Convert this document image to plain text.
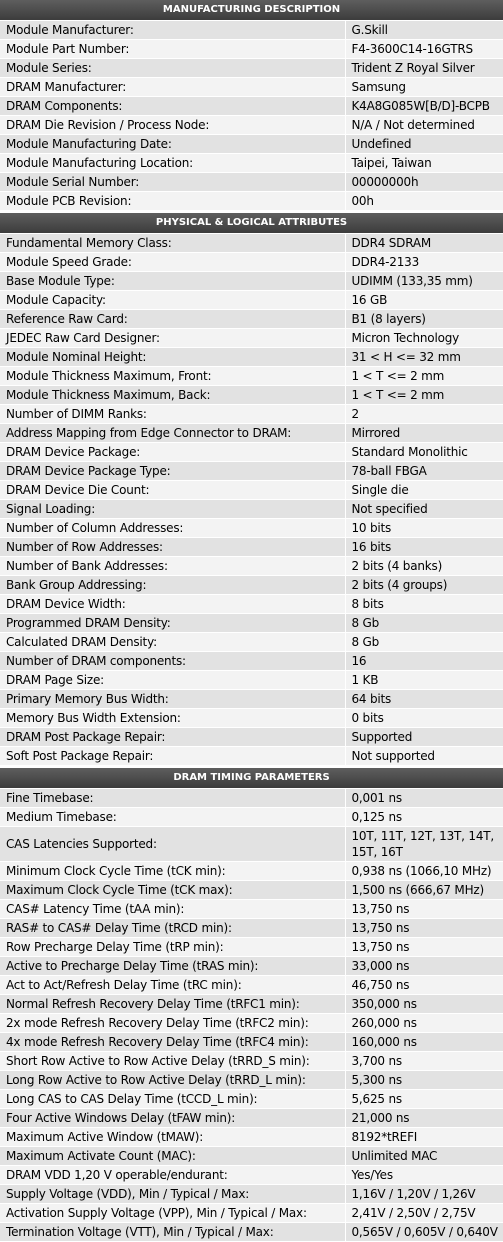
MANUFACTURING DESCRIPTION	
Module Manufacturer:	G.Skill
Module Part Number:	F4-3600C14-16GTRS
Module Series:	Trident Z Royal Silver
DRAM Manufacturer:	Samsung
DRAM Components:	K4A8G085W[B/D]-BCPB
DRAM Die Revision / Process Node:	N/A / Not determined
Module Manufacturing Date:	Undefined
Module Manufacturing Location:	Taipei, Taiwan
Module Serial Number:	00000000h
Module PCB Revision:	00h
PHYSICAL & LOGICAL ATTRIBUTES	
Fundamental Memory Class:	DDR4 SDRAM
Module Speed Grade:	DDR4-2133
Base Module Type:	UDIMM (133,35 mm)
Module Capacity:	16 GB
Reference Raw Card:	B1 (8 layers)
JEDEC Raw Card Designer:	Micron Technology
Module Nominal Height:	31 < H <= 32 mm
Module Thickness Maximum, Front:	1 < T <= 2 mm
Module Thickness Maximum, Back:	1 < T <= 2 mm
Number of DIMM Ranks:	2
Address Mapping from Edge Connector to DRAM:	Mirrored
DRAM Device Package:	Standard Monolithic
DRAM Device Package Type:	78-ball FBGA
DRAM Device Die Count:	Single die
Signal Loading:	Not specified
Number of Column Addresses:	10 bits
Number of Row Addresses:	16 bits
Number of Bank Addresses:	2 bits (4 banks)
Bank Group Addressing:	2 bits (4 groups)
DRAM Device Width:	8 bits
Programmed DRAM Density:	8 Gb
Calculated DRAM Density:	8 Gb
Number of DRAM components:	16
DRAM Page Size:	1 KB
Primary Memory Bus Width:	64 bits
Memory Bus Width Extension:	0 bits
DRAM Post Package Repair:	Supported
Soft Post Package Repair:	Not supported
DRAM TIMING PARAMETERS	
Fine Timebase:	0,001 ns
Medium Timebase:	0,125 ns
CAS Latencies Supported:	10T, 11T, 12T, 13T, 14T, 15T, 16T
Minimum Clock Cycle Time (tCK min):	0,938 ns (1066,10 MHz)
Maximum Clock Cycle Time (tCK max):	1,500 ns (666,67 MHz)
CAS# Latency Time (tAA min):	13,750 ns
RAS# to CAS# Delay Time (tRCD min):	13,750 ns
Row Precharge Delay Time (tRP min):	13,750 ns
Active to Precharge Delay Time (tRAS min):	33,000 ns
Act to Act/Refresh Delay Time (tRC min):	46,750 ns
Normal Refresh Recovery Delay Time (tRFC1 min):	350,000 ns
2x mode Refresh Recovery Delay Time (tRFC2 min):	260,000 ns
4x mode Refresh Recovery Delay Time (tRFC4 min):	160,000 ns
Short Row Active to Row Active Delay (tRRD_S min):	3,700 ns
Long Row Active to Row Active Delay (tRRD_L min):	5,300 ns
Long CAS to CAS Delay Time (tCCD_L min):	5,625 ns
Four Active Windows Delay (tFAW min):	21,000 ns
Maximum Active Window (tMAW):	8192*tREFI
Maximum Activate Count (MAC):	Unlimited MAC
DRAM VDD 1,20 V operable/endurant:	Yes/Yes
Supply Voltage (VDD), Min / Typical / Max:	1,16V / 1,20V / 1,26V
Activation Supply Voltage (VPP), Min / Typical / Max:	2,41V / 2,50V / 2,75V
Termination Voltage (VTT), Min / Typical / Max:	0,565V / 0,605V / 0,640V
